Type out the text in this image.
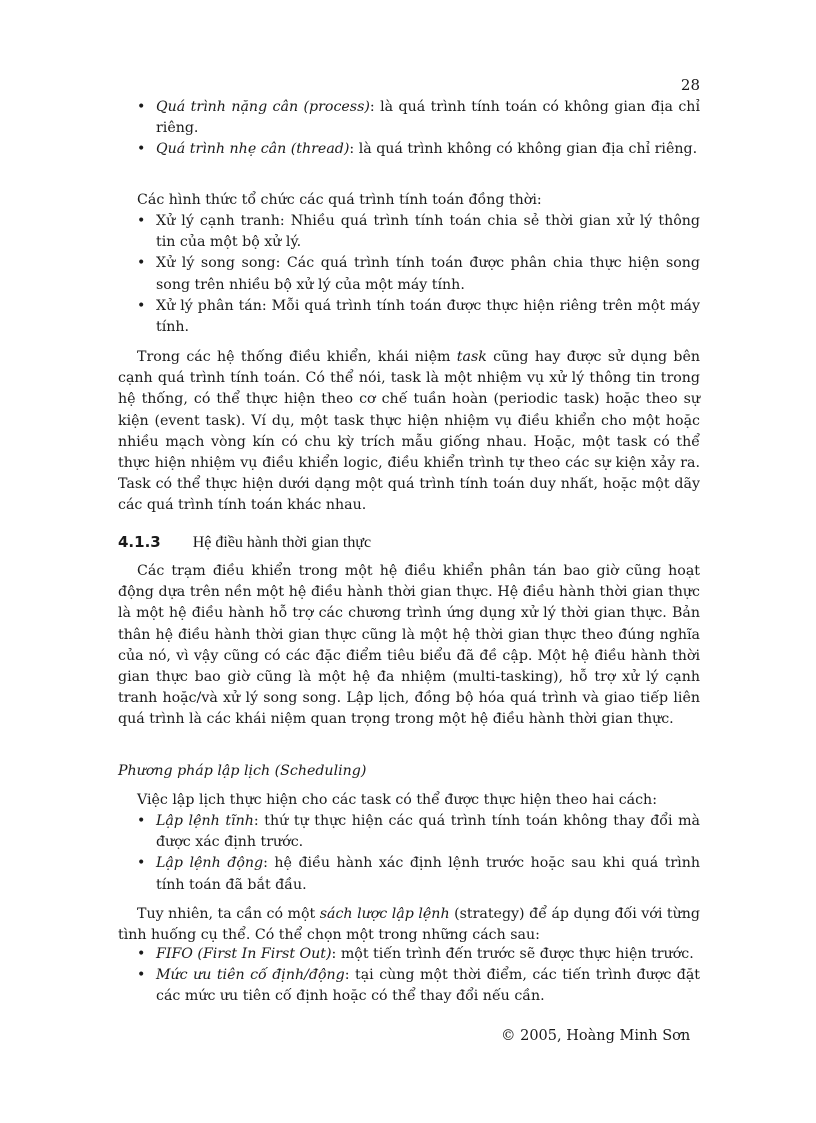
28
• Quá trình nặng cân (process): là quá trình tính toán có không gian địa chỉ riêng.
• Quá trình nhẹ cân (thread): là quá trình không có không gian địa chỉ riêng.
Các hình thức tổ chức các quá trình tính toán đồng thời:
• Xử lý cạnh tranh: Nhiều quá trình tính toán chia sẻ thời gian xử lý thông tin của một bộ xử lý.
• Xử lý song song: Các quá trình tính toán được phân chia thực hiện song song trên nhiều bộ xử lý của một máy tính.
• Xử lý phân tán: Mỗi quá trình tính toán được thực hiện riêng trên một máy tính.
Trong các hệ thống điều khiển, khái niệm task cũng hay được sử dụng bên cạnh quá trình tính toán. Có thể nói, task là một nhiệm vụ xử lý thông tin trong hệ thống, có thể thực hiện theo cơ chế tuần hoàn (periodic task) hoặc theo sự kiện (event task). Ví dụ, một task thực hiện nhiệm vụ điều khiển cho một hoặc nhiều mạch vòng kín có chu kỳ trích mẫu giống nhau. Hoặc, một task có thể thực hiện nhiệm vụ điều khiển logic, điều khiển trình tự theo các sự kiện xảy ra. Task có thể thực hiện dưới dạng một quá trình tính toán duy nhất, hoặc một dãy các quá trình tính toán khác nhau.
4.1.3 Hệ điều hành thời gian thực
Các trạm điều khiển trong một hệ điều khiển phân tán bao giờ cũng hoạt động dựa trên nền một hệ điều hành thời gian thực. Hệ điều hành thời gian thực là một hệ điều hành hỗ trợ các chương trình ứng dụng xử lý thời gian thực. Bản thân hệ điều hành thời gian thực cũng là một hệ thời gian thực theo đúng nghĩa của nó, vì vậy cũng có các đặc điểm tiêu biểu đã đề cập. Một hệ điều hành thời gian thực bao giờ cũng là một hệ đa nhiệm (multi-tasking), hỗ trợ xử lý cạnh tranh hoặc/và xử lý song song. Lập lịch, đồng bộ hóa quá trình và giao tiếp liên quá trình là các khái niệm quan trọng trong một hệ điều hành thời gian thực.
Phương pháp lập lịch (Scheduling)
Việc lập lịch thực hiện cho các task có thể được thực hiện theo hai cách:
• Lập lệnh tĩnh: thứ tự thực hiện các quá trình tính toán không thay đổi mà được xác định trước.
• Lập lệnh động: hệ điều hành xác định lệnh trước hoặc sau khi quá trình tính toán đã bắt đầu.
Tuy nhiên, ta cần có một sách lược lập lệnh (strategy) để áp dụng đối với từng tình huống cụ thể. Có thể chọn một trong những cách sau:
• FIFO (First In First Out): một tiến trình đến trước sẽ được thực hiện trước.
• Mức ưu tiên cố định/động: tại cùng một thời điểm, các tiến trình được đặt các mức ưu tiên cố định hoặc có thể thay đổi nếu cần.
© 2005, Hoàng Minh Sơn
